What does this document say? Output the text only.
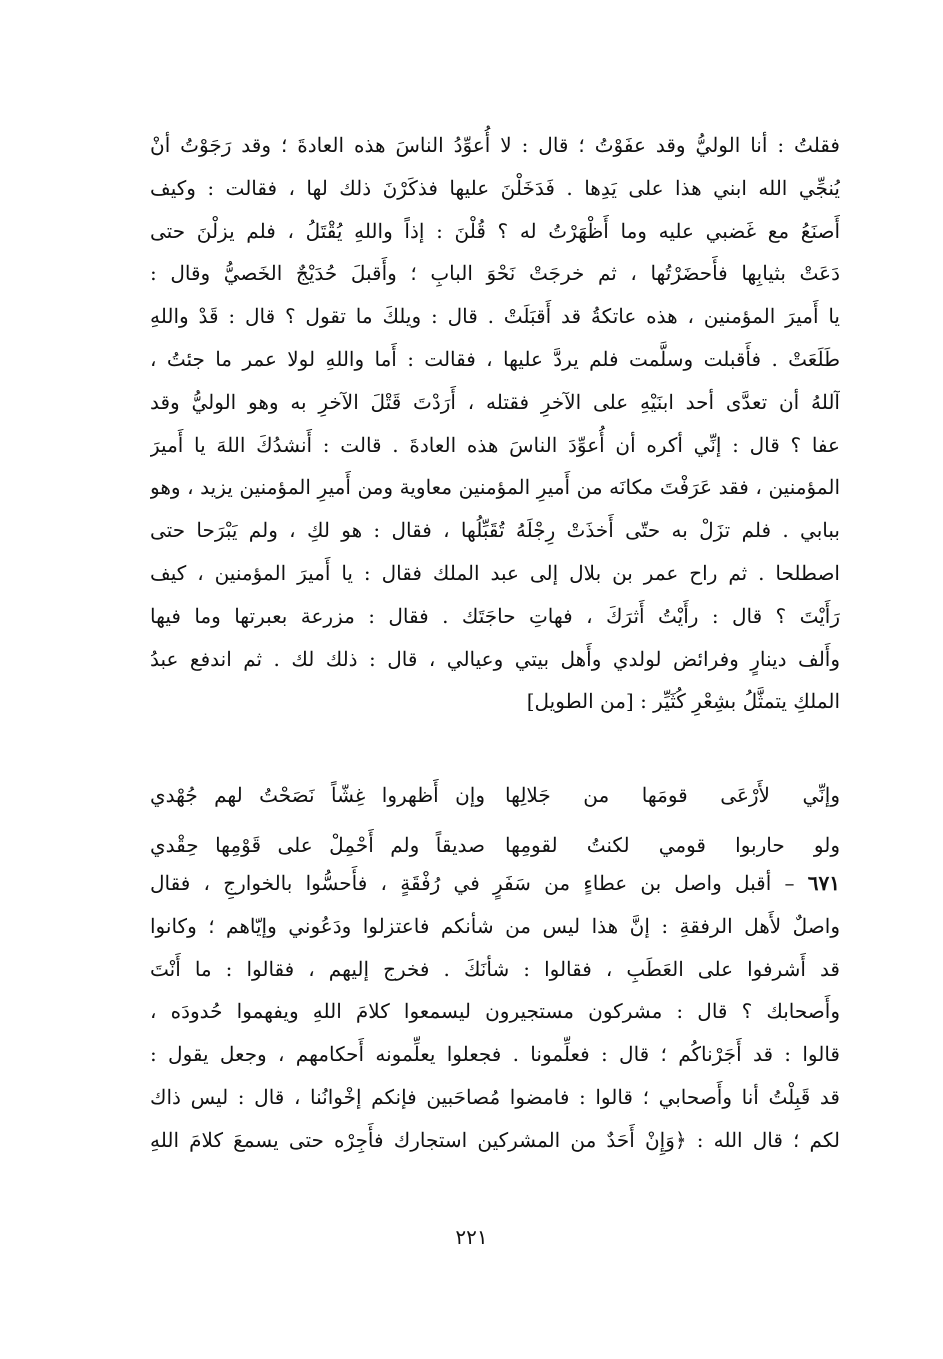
فقلتُ : أنا الوليُّ وقد عفَوْتُ ؛ قال : لا أُعوِّدُ الناسَ هذه العادةَ ؛ وقد رَجَوْتُ أنْ
يُنجِّي الله ابني هذا على يَدِها . فَدَخَلْنَ عليها فذكَرْنَ ذلك لها ، فقالت : وكيف
أَصنَعُ مع غَضبي عليه وما أَظْهَرْتُ له ؟ قُلْنَ : إذاً واللهِ يُقْتَلُ ، فلم يزلْنَ حتى
دَعَتْ بثيابِها فأَحضَرْتُها ، ثم خرجَتْ نَحْوَ البابِ ؛ وأَقبلَ حُدَيْجٌ الخَصيُّ وقال :
يا أَميرَ المؤمنين ، هذه عاتكةُ قد أَقبَلَتْ . قال : ويلكَ ما تقول ؟ قال : قَدْ واللهِ
طَلَعَتْ . فأَقبلت وسلَّمت فلم يردَّ عليها ، فقالت : أَما واللهِ لولا عمر ما جئتُ ،
آللهُ أن تعدَّى أحد ابنَيْهِ على الآخرِ فقتله ، أَرَدْتَ قَتْلَ الآخرِ به وهو الوليُّ وقد
عفا ؟ قال : إنِّي أكره أن أُعوِّدَ الناسَ هذه العادةَ . قالت : أَنشدُكَ اللهَ يا أَميرَ
المؤمنين ، فقد عَرَفْتَ مكانَه من أَميرِ المؤمنين معاوية ومن أَميرِ المؤمنين يزيد ، وهو
ببابي . فلم تزَلْ به حتّى أَخذَتْ رِجْلَهُ تُقَبِّلُها ، فقال : هو لكِ ، ولم يَبْرَحا حتى
اصطلحا . ثم راح عمر بن بلال إلى عبد الملك فقال : يا أَميرَ المؤمنين ، كيف
رَأَيْتَ ؟ قال : رأَيْتُ أَثرَكَ ، فهاتِ حاجَتَك . فقال : مزرعة بعبرتها وما فيها
وأَلف دينارٍ وفرائض لولدي وأَهل بيتي وعيالي ، قال : ذلك لك . ثم اندفع عبدُ
الملكِ يتمثَّلُ بشِعْرِ كُثَيِّر : [من الطويل]
وإنِّي لأَرْعَى قومَها من جَلالِها
وإن أَظهروا غِشّاً نَصَحْتُ لهم جُهْدي
ولو حاربوا قومي لكنتُ لقومِها
صديقاً ولم أَحْمِلْ على قَوْمِها حِقْدي
٦٧١ – أقبل واصل بن عطاءٍ من سَفَرٍ في رُفْقَةٍ ، فأَحسُّوا بالخوارجِ ، فقال
واصلٌ لأَهل الرفقةِ : إنَّ هذا ليس من شأنكم فاعتزلوا ودَعُوني وإيّاهم ؛ وكانوا
قد أَشرفوا على العَطَبِ ، فقالوا : شأنَكَ . فخرج إليهم ، فقالوا : ما أَنْتَ
وأَصحابك ؟ قال : مشركون مستجيرون ليسمعوا كلامَ اللهِ ويفهموا حُدودَه ،
قالوا : قد أَجَرْناكُم ؛ قال : فعلِّمونا . فجعلوا يعلِّمونه أَحكامهم ، وجعل يقول :
قد قَبِلْتُ أنا وأَصحابي ؛ قالوا : فامضوا مُصاحَبين فإنكم إخْوانُنا ، قال : ليس ذاك
لكم ؛ قال الله : ﴿وَإِنْ أَحَدٌ من المشركين استجارك فأَجِرْه حتى يسمعَ كلامَ اللهِ
٢٢١
